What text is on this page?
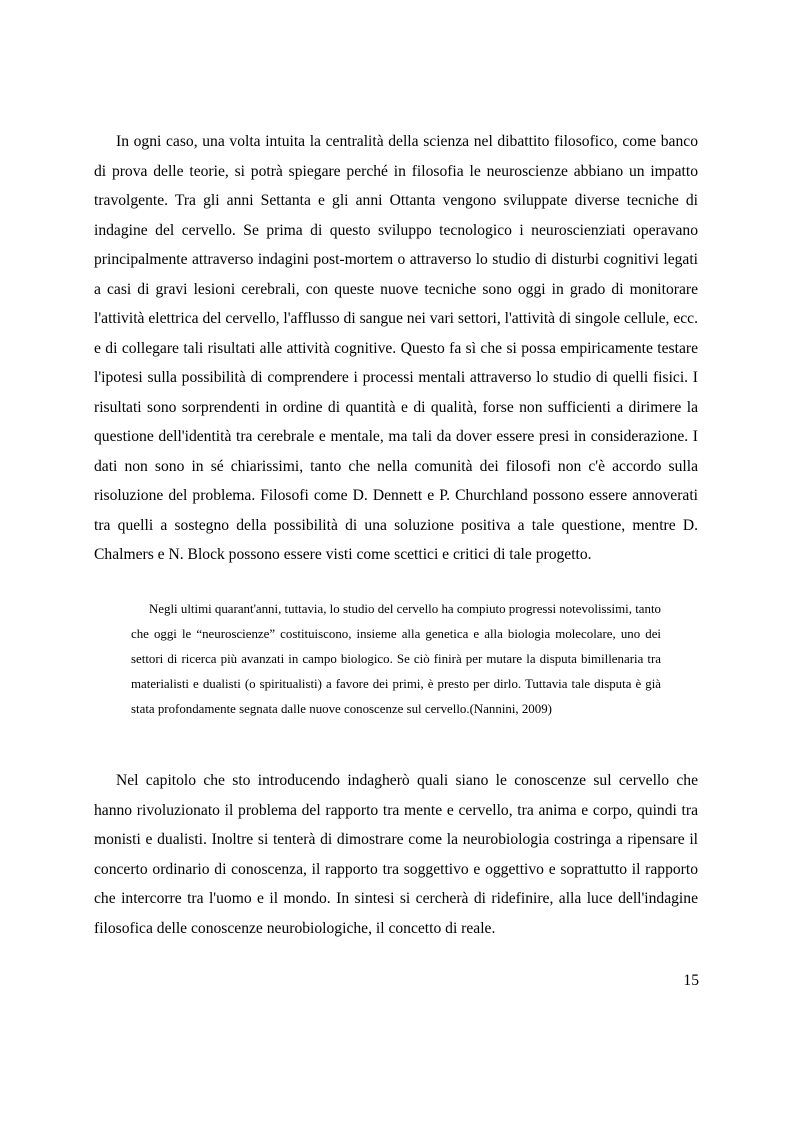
In ogni caso, una volta intuita la centralità della scienza nel dibattito filosofico, come banco di prova delle teorie, si potrà spiegare perché in filosofia le neuroscienze abbiano un impatto travolgente. Tra gli anni Settanta e gli anni Ottanta vengono sviluppate diverse tecniche di indagine del cervello. Se prima di questo sviluppo tecnologico i neuroscienziati operavano principalmente attraverso indagini post-mortem o attraverso lo studio di disturbi cognitivi legati a casi di gravi lesioni cerebrali, con queste nuove tecniche sono oggi in grado di monitorare l'attività elettrica del cervello, l'afflusso di sangue nei vari settori, l'attività di singole cellule, ecc. e di collegare tali risultati alle attività cognitive. Questo fa sì che si possa empiricamente testare l'ipotesi sulla possibilità di comprendere i processi mentali attraverso lo studio di quelli fisici. I risultati sono sorprendenti in ordine di quantità e di qualità, forse non sufficienti a dirimere la questione dell'identità tra cerebrale e mentale, ma tali da dover essere presi in considerazione. I dati non sono in sé chiarissimi, tanto che nella comunità dei filosofi non c'è accordo sulla risoluzione del problema. Filosofi come D. Dennett e P. Churchland possono essere annoverati tra quelli a sostegno della possibilità di una soluzione positiva a tale questione, mentre D. Chalmers e N. Block possono essere visti come scettici e critici di tale progetto.

Negli ultimi quarant'anni, tuttavia, lo studio del cervello ha compiuto progressi notevolissimi, tanto che oggi le “neuroscienze” costituiscono, insieme alla genetica e alla biologia molecolare, uno dei settori di ricerca più avanzati in campo biologico. Se ciò finirà per mutare la disputa bimillenaria tra materialisti e dualisti (o spiritualisti) a favore dei primi, è presto per dirlo. Tuttavia tale disputa è già stata profondamente segnata dalle nuove conoscenze sul cervello.(Nannini, 2009)

Nel capitolo che sto introducendo indagherò quali siano le conoscenze sul cervello che hanno rivoluzionato il problema del rapporto tra mente e cervello, tra anima e corpo, quindi tra monisti e dualisti. Inoltre si tenterà di dimostrare come la neurobiologia costringa a ripensare il concerto ordinario di conoscenza, il rapporto tra soggettivo e oggettivo e soprattutto il rapporto che intercorre tra l'uomo e il mondo. In sintesi si cercherà di ridefinire, alla luce dell'indagine filosofica delle conoscenze neurobiologiche, il concetto di reale.

15
